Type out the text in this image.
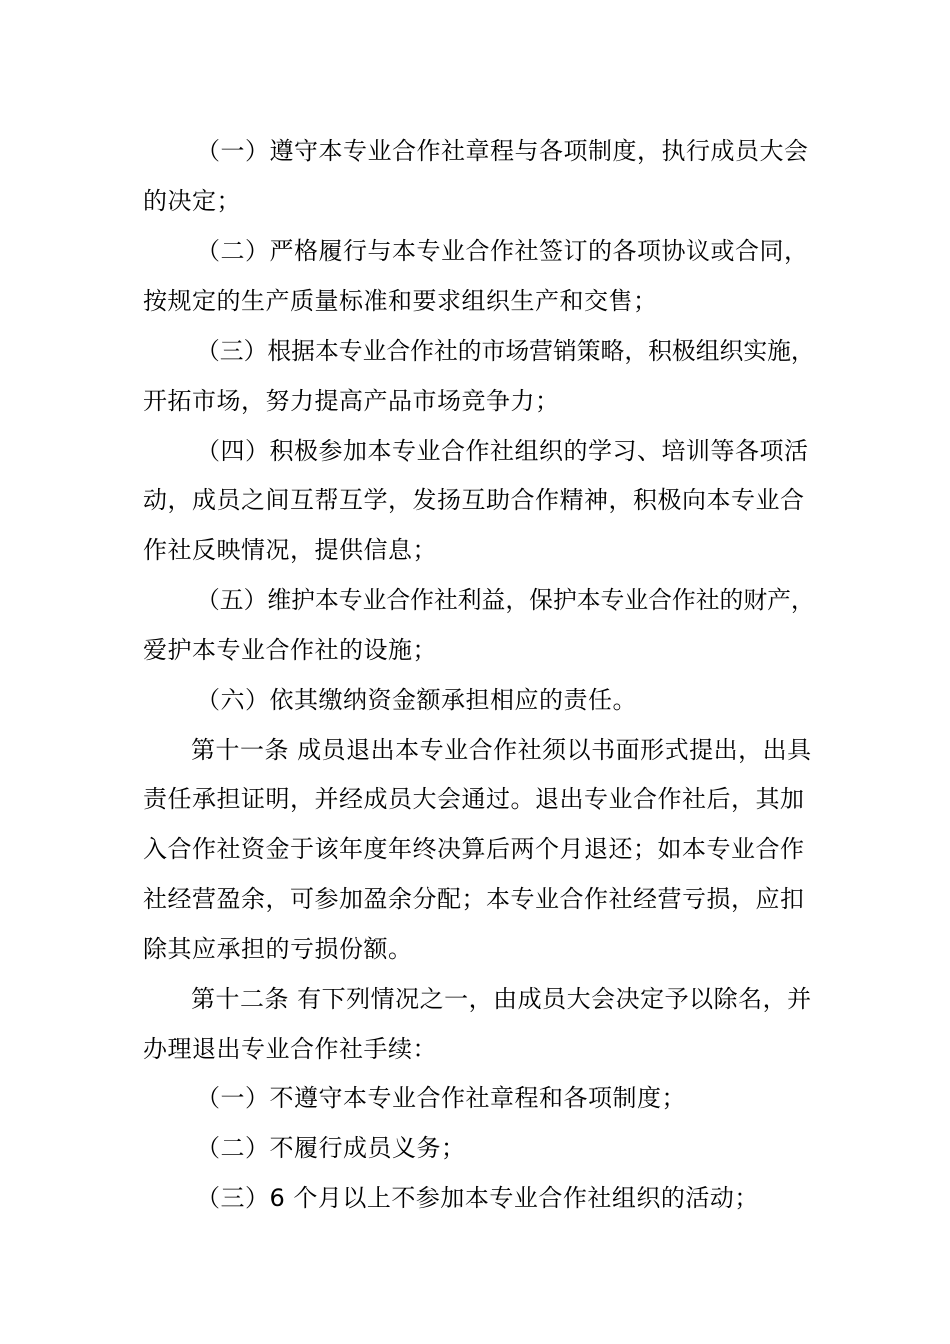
（一）遵守本专业合作社章程与各项制度，执行成员大会
的决定；
（二）严格履行与本专业合作社签订的各项协议或合同，
按规定的生产质量标准和要求组织生产和交售；
（三）根据本专业合作社的市场营销策略，积极组织实施，
开拓市场，努力提高产品市场竞争力；
（四）积极参加本专业合作社组织的学习、培训等各项活
动，成员之间互帮互学，发扬互助合作精神，积极向本专业合
作社反映情况，提供信息；
（五）维护本专业合作社利益，保护本专业合作社的财产，
爱护本专业合作社的设施；
（六）依其缴纳资金额承担相应的责任。
第十一条 成员退出本专业合作社须以书面形式提出，出具
责任承担证明，并经成员大会通过。退出专业合作社后，其加
入合作社资金于该年度年终决算后两个月退还；如本专业合作
社经营盈余，可参加盈余分配；本专业合作社经营亏损，应扣
除其应承担的亏损份额。
第十二条 有下列情况之一，由成员大会决定予以除名，并
办理退出专业合作社手续：
（一）不遵守本专业合作社章程和各项制度；
（二）不履行成员义务；
（三）6 个月以上不参加本专业合作社组织的活动；
